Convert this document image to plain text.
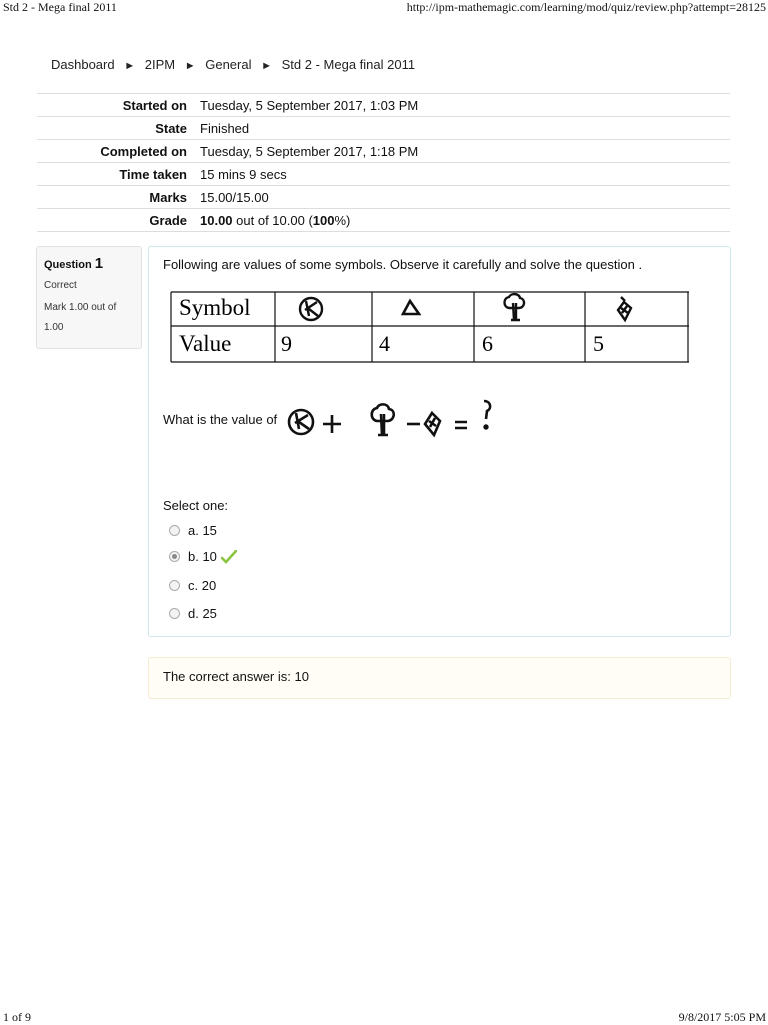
Std 2 - Mega final 2011	http://ipm-mathemagic.com/learning/mod/quiz/review.php?attempt=28125
Dashboard ► 2IPM ► General ► Std 2 - Mega final 2011
Started on	Tuesday, 5 September 2017, 1:03 PM
State	Finished
Completed on	Tuesday, 5 September 2017, 1:18 PM
Time taken	15 mins 9 secs
Marks	15.00/15.00
Grade	10.00 out of 10.00 (100%)
Question 1
Correct
Mark 1.00 out of 1.00
Following are values of some symbols. Observe it carefully and solve the question .
Symbol
Value 9	4	6	5
What is the value of
Select one:
a. 15
b. 10
c. 20
d. 25
The correct answer is: 10
1 of 9	9/8/2017 5:05 PM
